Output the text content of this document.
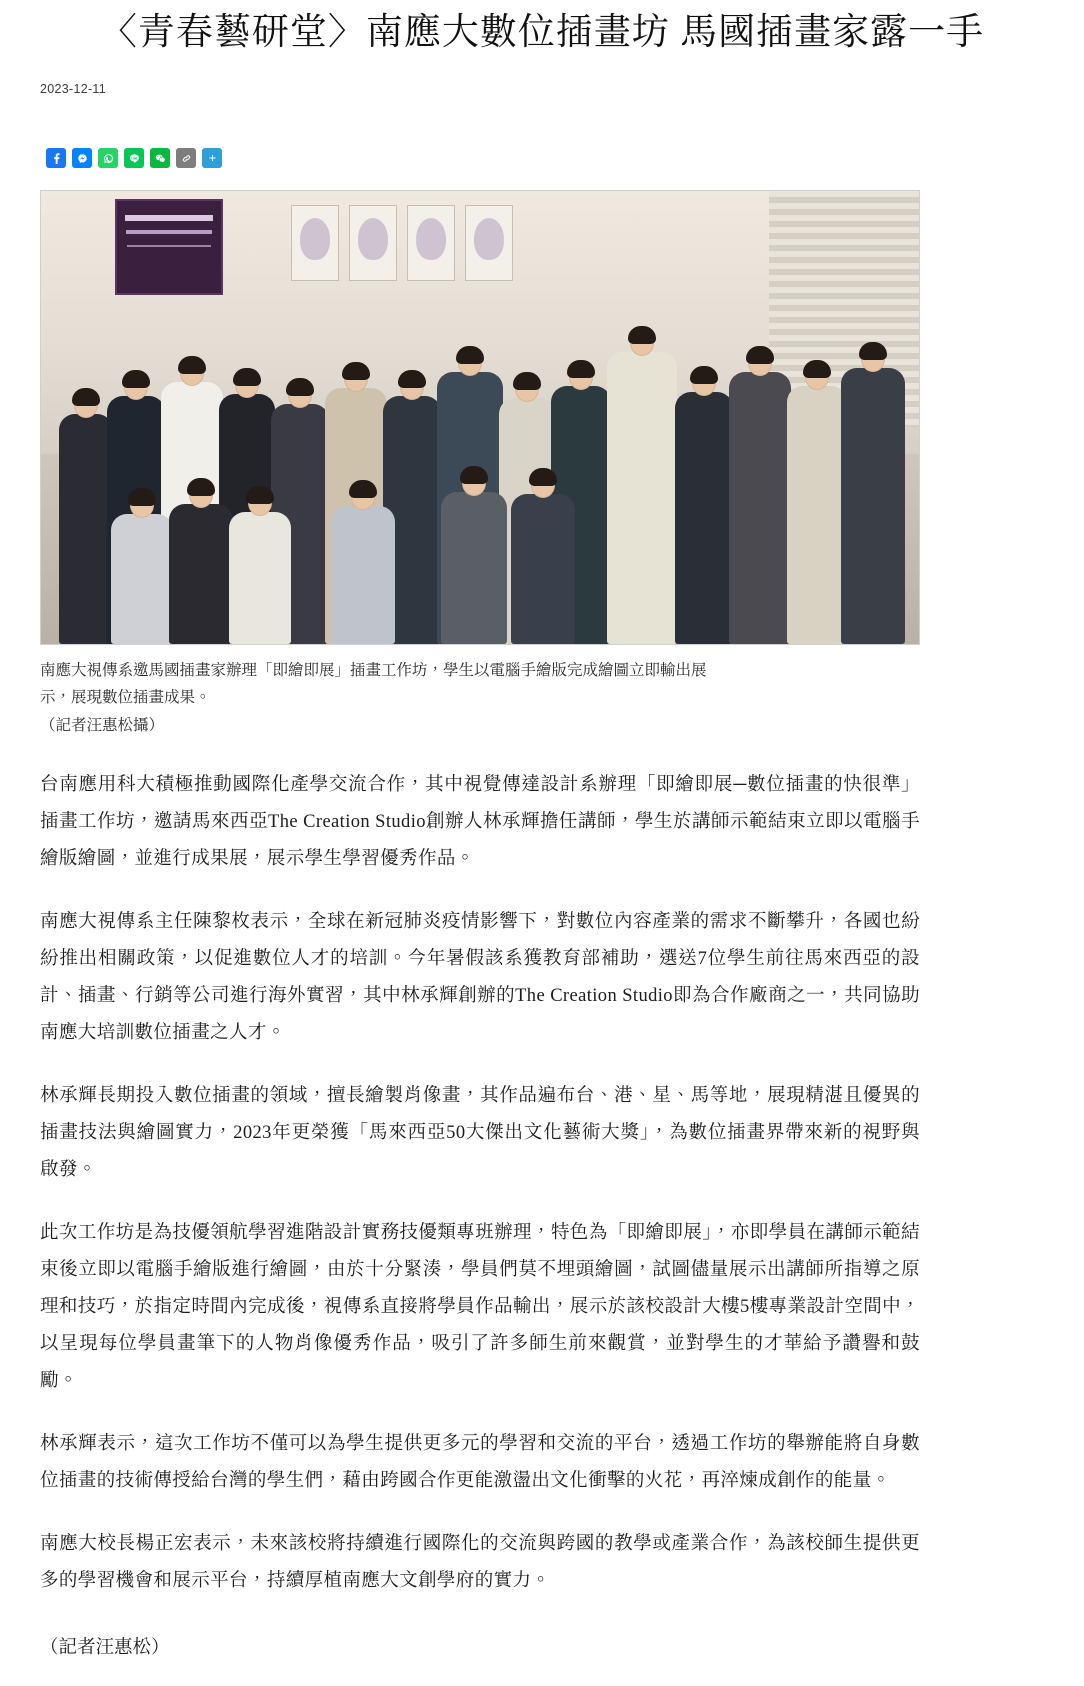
〈青春藝研堂〉南應大數位插畫坊 馬國插畫家露一手
2023-12-11
南應大視傳系邀馬國插畫家辦理「即繪即展」插畫工作坊，學生以電腦手繪版完成繪圖立即輸出展
示，展現數位插畫成果。
（記者汪惠松攝）

台南應用科大積極推動國際化產學交流合作，其中視覺傳達設計系辦理「即繪即展─數位插畫的快很準」插畫工作坊，邀請馬來西亞The Creation Studio創辦人林承輝擔任講師，學生於講師示範結束立即以電腦手繪版繪圖，並進行成果展，展示學生學習優秀作品。

南應大視傳系主任陳黎枚表示，全球在新冠肺炎疫情影響下，對數位內容產業的需求不斷攀升，各國也紛紛推出相關政策，以促進數位人才的培訓。今年暑假該系獲教育部補助，選送7位學生前往馬來西亞的設計、插畫、行銷等公司進行海外實習，其中林承輝創辦的The Creation Studio即為合作廠商之一，共同協助南應大培訓數位插畫之人才。

林承輝長期投入數位插畫的領域，擅長繪製肖像畫，其作品遍布台、港、星、馬等地，展現精湛且優異的插畫技法與繪圖實力，2023年更榮獲「馬來西亞50大傑出文化藝術大獎」，為數位插畫界帶來新的視野與啟發。

此次工作坊是為技優領航學習進階設計實務技優類專班辦理，特色為「即繪即展」，亦即學員在講師示範結束後立即以電腦手繪版進行繪圖，由於十分緊湊，學員們莫不埋頭繪圖，試圖儘量展示出講師所指導之原理和技巧，於指定時間內完成後，視傳系直接將學員作品輸出，展示於該校設計大樓5樓專業設計空間中，以呈現每位學員畫筆下的人物肖像優秀作品，吸引了許多師生前來觀賞，並對學生的才華給予讚譽和鼓勵。

林承輝表示，這次工作坊不僅可以為學生提供更多元的學習和交流的平台，透過工作坊的舉辦能將自身數位插畫的技術傳授給台灣的學生們，藉由跨國合作更能激盪出文化衝擊的火花，再淬煉成創作的能量。

南應大校長楊正宏表示，未來該校將持續進行國際化的交流與跨國的教學或產業合作，為該校師生提供更多的學習機會和展示平台，持續厚植南應大文創學府的實力。

（記者汪惠松）
